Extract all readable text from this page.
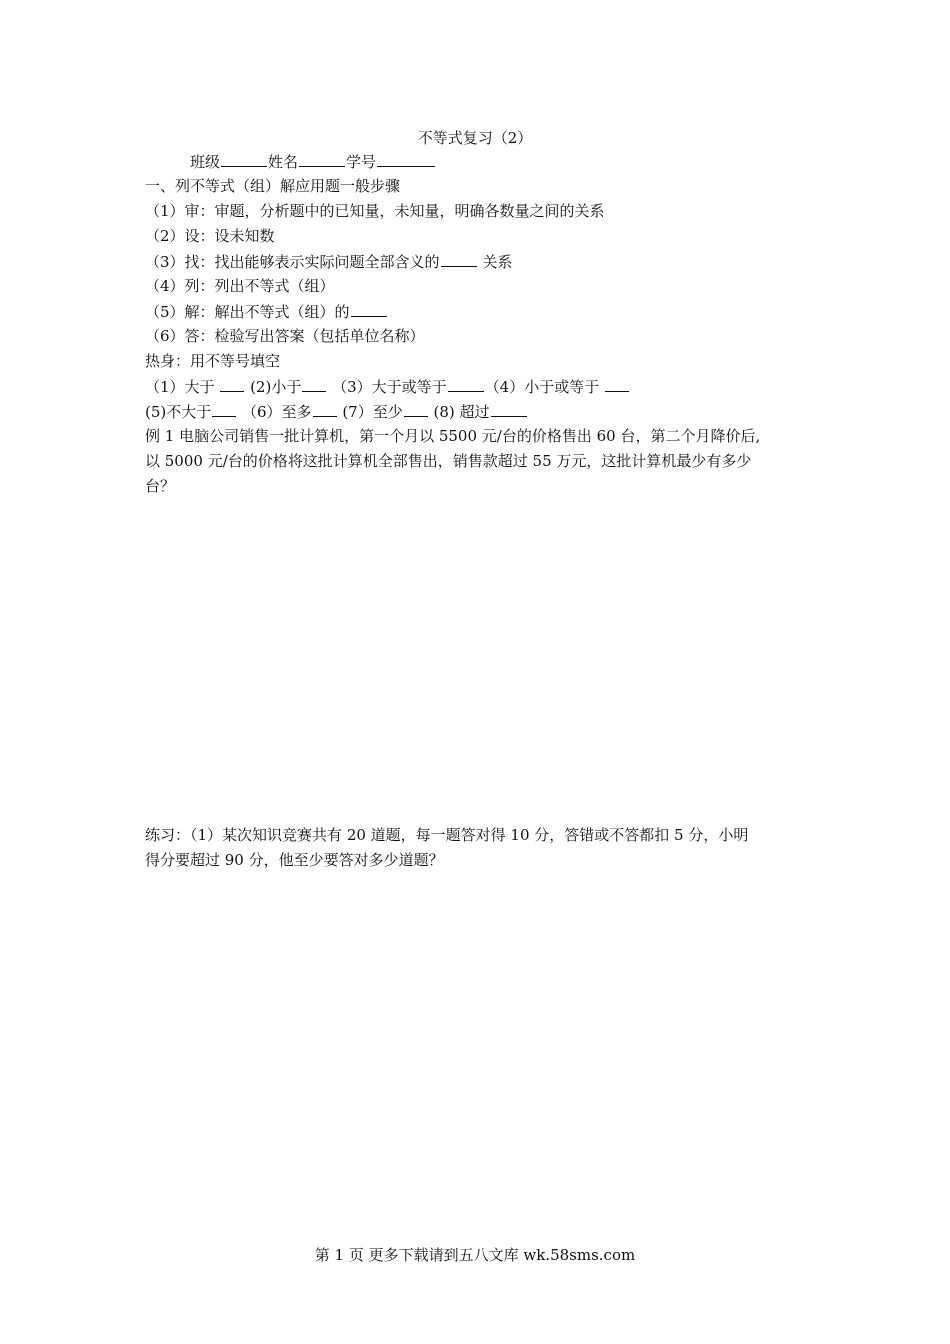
不等式复习（2）
班级	姓名	学号
一、列不等式（组）解应用题一般步骤
（1）审：审题，分析题中的已知量，未知量，明确各数量之间的关系
（2）设：设未知数
（3）找：找出能够表示实际问题全部含义的	关系
（4）列：列出不等式（组）
（5）解：解出不等式（组）的
（6）答：检验写出答案（包括单位名称）
热身：用不等号填空
（1）大于  (2)小于 （3）大于或等于	（4）小于或等于
(5)不大于 （6）至多 (7）至少 (8) 超过
例 1 电脑公司销售一批计算机，第一个月以 5500 元/台的价格售出 60 台，第二个月降价后,
以 5000 元/台的价格将这批计算机全部售出，销售款超过 55 万元，这批计算机最少有多少
台？
练习：（1）某次知识竞赛共有 20 道题，每一题答对得 10 分，答错或不答都扣 5 分，小明
得分要超过 90 分，他至少要答对多少道题？
第 1 页 更多下载请到五八文库 wk.58sms.com
